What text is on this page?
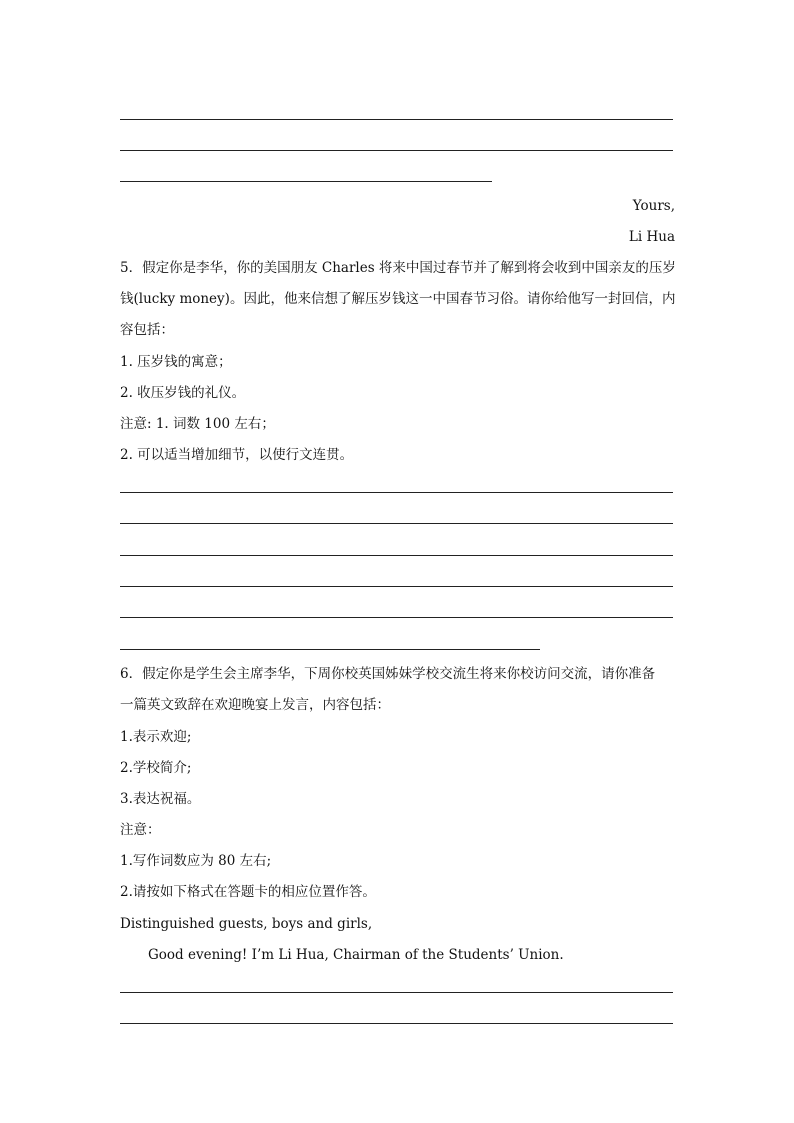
Yours,
Li Hua
5．假定你是李华，你的美国朋友 Charles 将来中国过春节并了解到将会收到中国亲友的压岁
钱(lucky money)。因此，他来信想了解压岁钱这一中国春节习俗。请你给他写一封回信，内
容包括：
1. 压岁钱的寓意；
2. 收压岁钱的礼仪。
注意: 1. 词数 100 左右；
2. 可以适当增加细节，以使行文连贯。
6．假定你是学生会主席李华，下周你校英国姊妹学校交流生将来你校访问交流，请你准备
一篇英文致辞在欢迎晚宴上发言，内容包括：
1.表示欢迎;
2.学校简介;
3.表达祝福。
注意：
1.写作词数应为 80 左右;
2.请按如下格式在答题卡的相应位置作答。
Distinguished guests, boys and girls,
Good evening! I’m Li Hua, Chairman of the Students’ Union.
